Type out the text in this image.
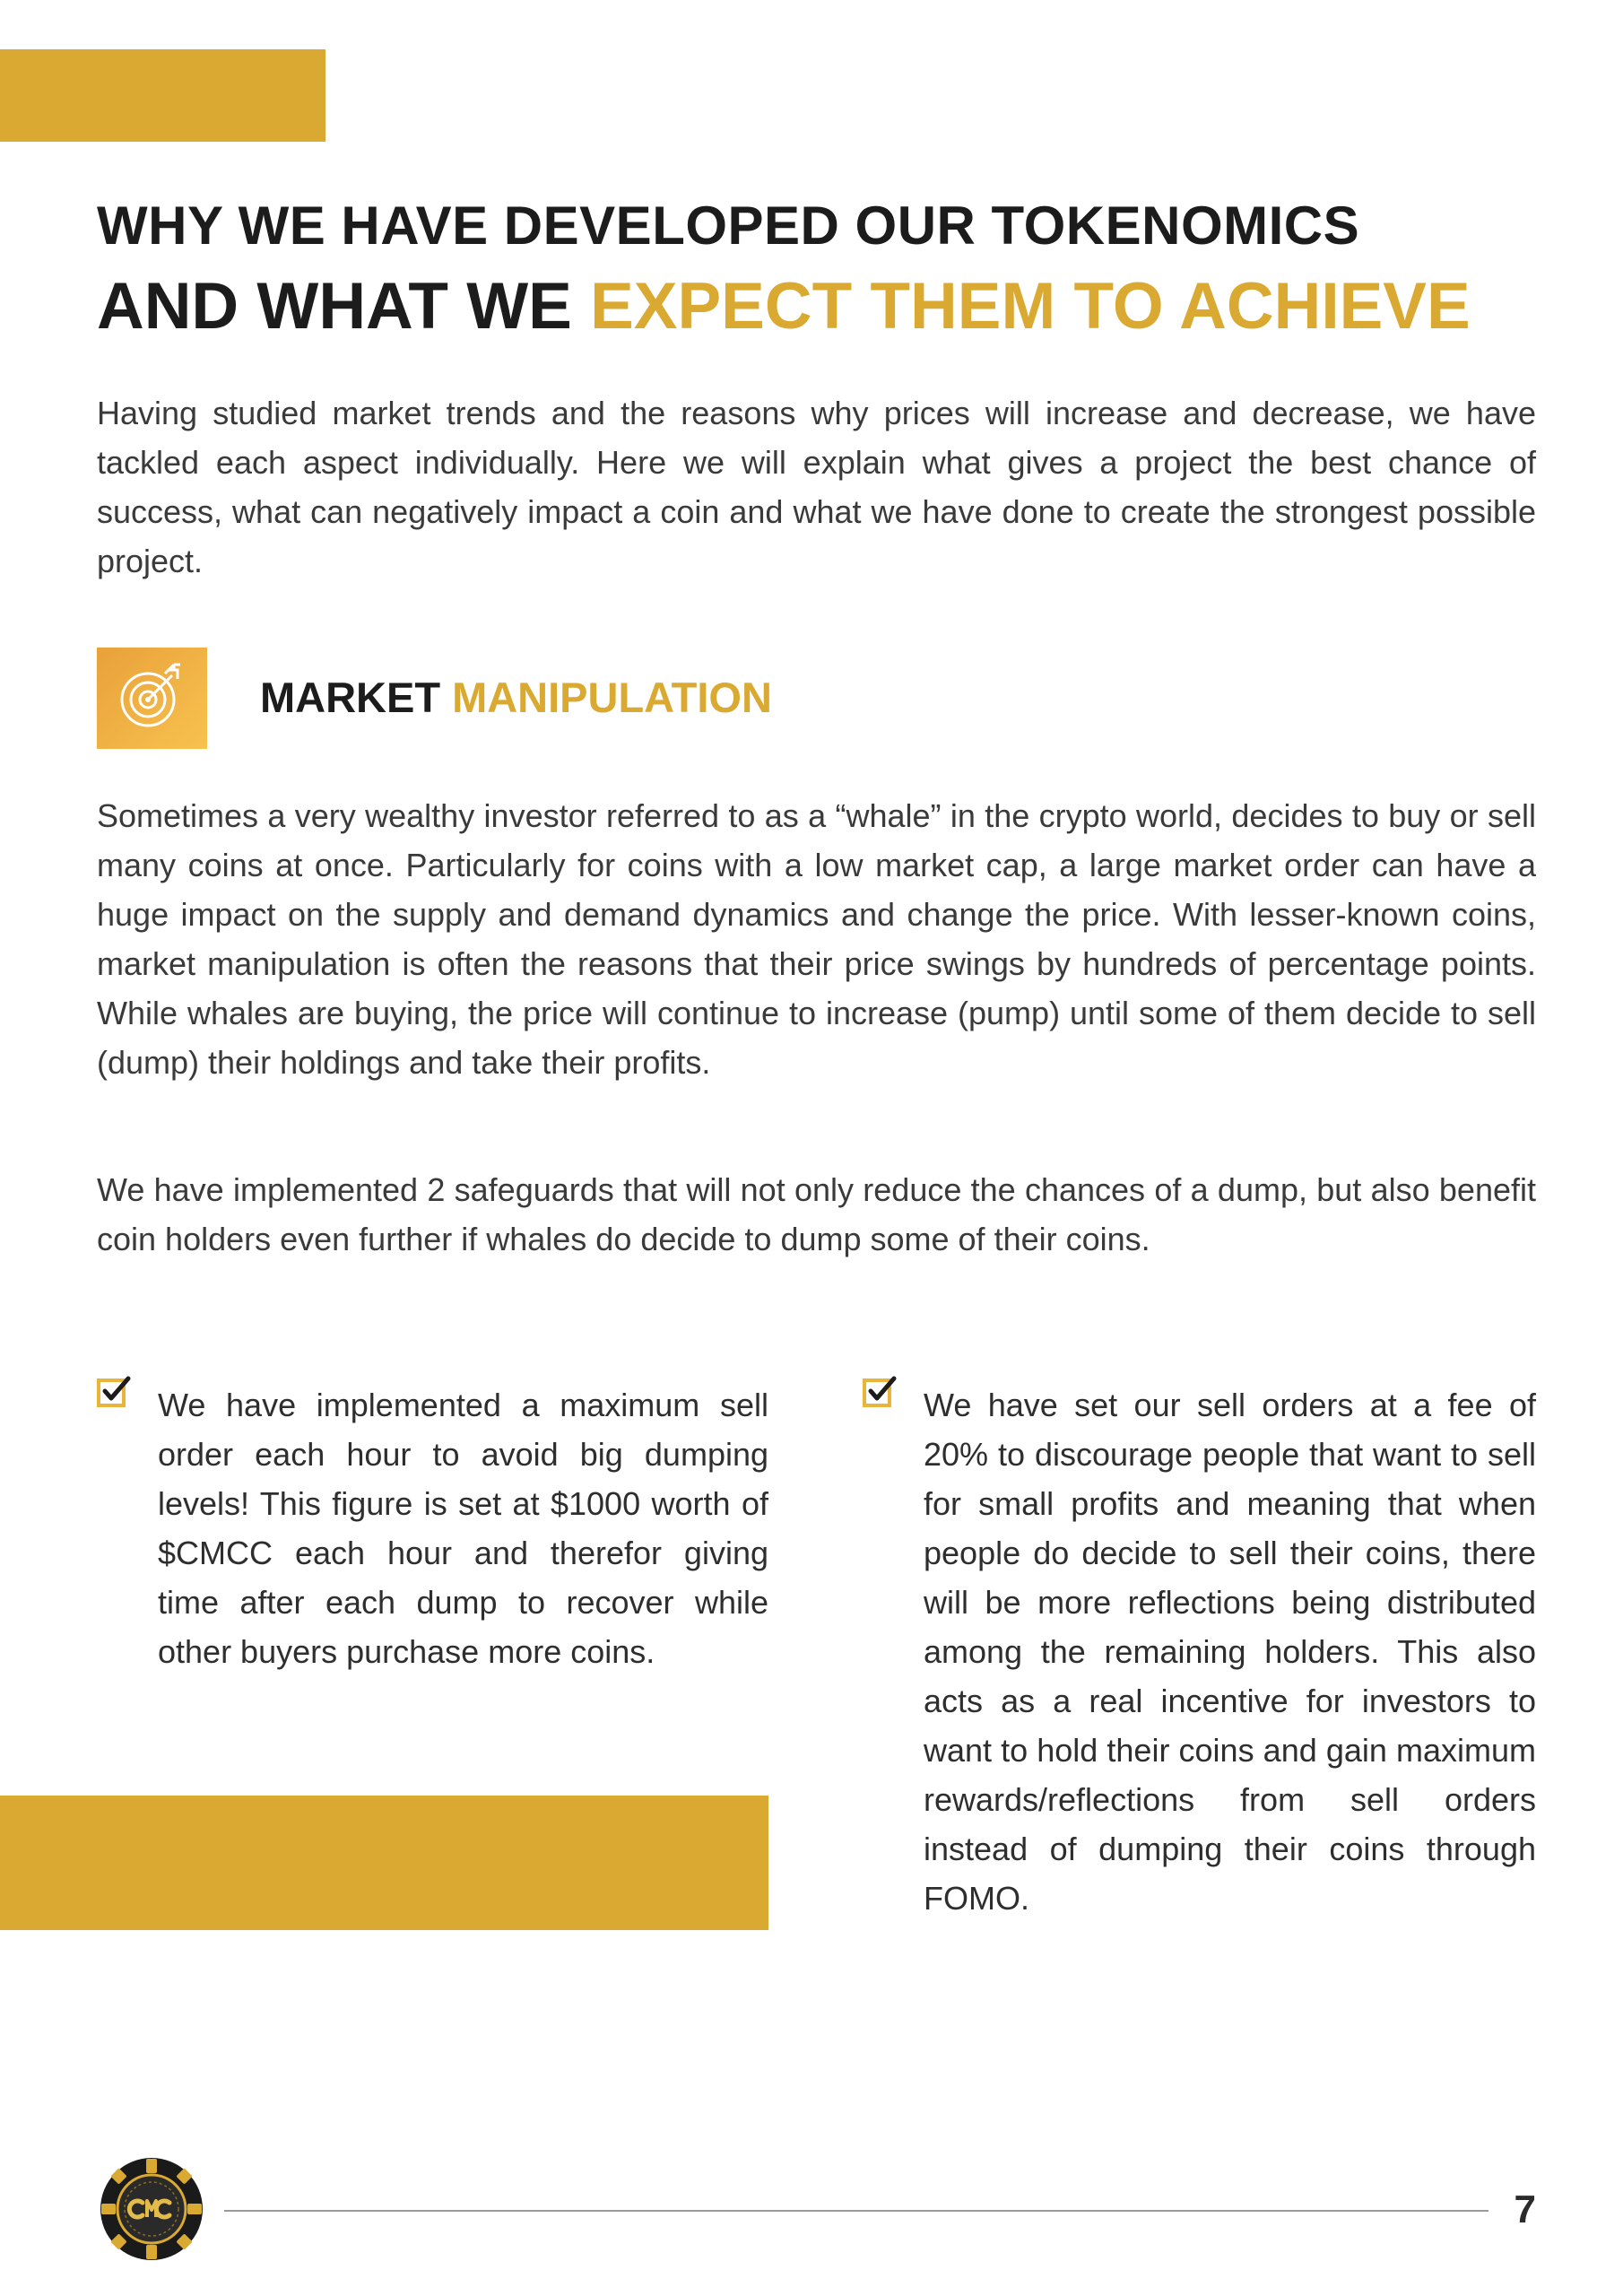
WHY WE HAVE DEVELOPED OUR TOKENOMICS
AND WHAT WE EXPECT THEM TO ACHIEVE

Having studied market trends and the reasons why prices will increase and decrease, we have tackled each aspect individually. Here we will explain what gives a project the best chance of success, what can negatively impact a coin and what we have done to create the strongest possible project.

MARKET MANIPULATION

Sometimes a very wealthy investor referred to as a “whale” in the crypto world, decides to buy or sell many coins at once. Particularly for coins with a low market cap, a large market order can have a huge impact on the supply and demand dynamics and change the price. With lesser-known coins, market manipulation is often the reasons that their price swings by hundreds of percentage points. While whales are buying, the price will continue to increase (pump) until some of them decide to sell (dump) their holdings and take their profits.

We have implemented 2 safeguards that will not only reduce the chances of a dump, but also benefit coin holders even further if whales do decide to dump some of their coins.

We have implemented a maximum sell order each hour to avoid big dumping levels! This figure is set at $1000 worth of $CMCC each hour and therefor giving time after each dump to recover while other buyers purchase more coins.

We have set our sell orders at a fee of 20% to discourage people that want to sell for small profits and meaning that when people do decide to sell their coins, there will be more reflections being distributed among the remaining holders. This also acts as a real incentive for investors to want to hold their coins and gain maximum rewards/reflections from sell orders instead of dumping their coins through FOMO.

7
